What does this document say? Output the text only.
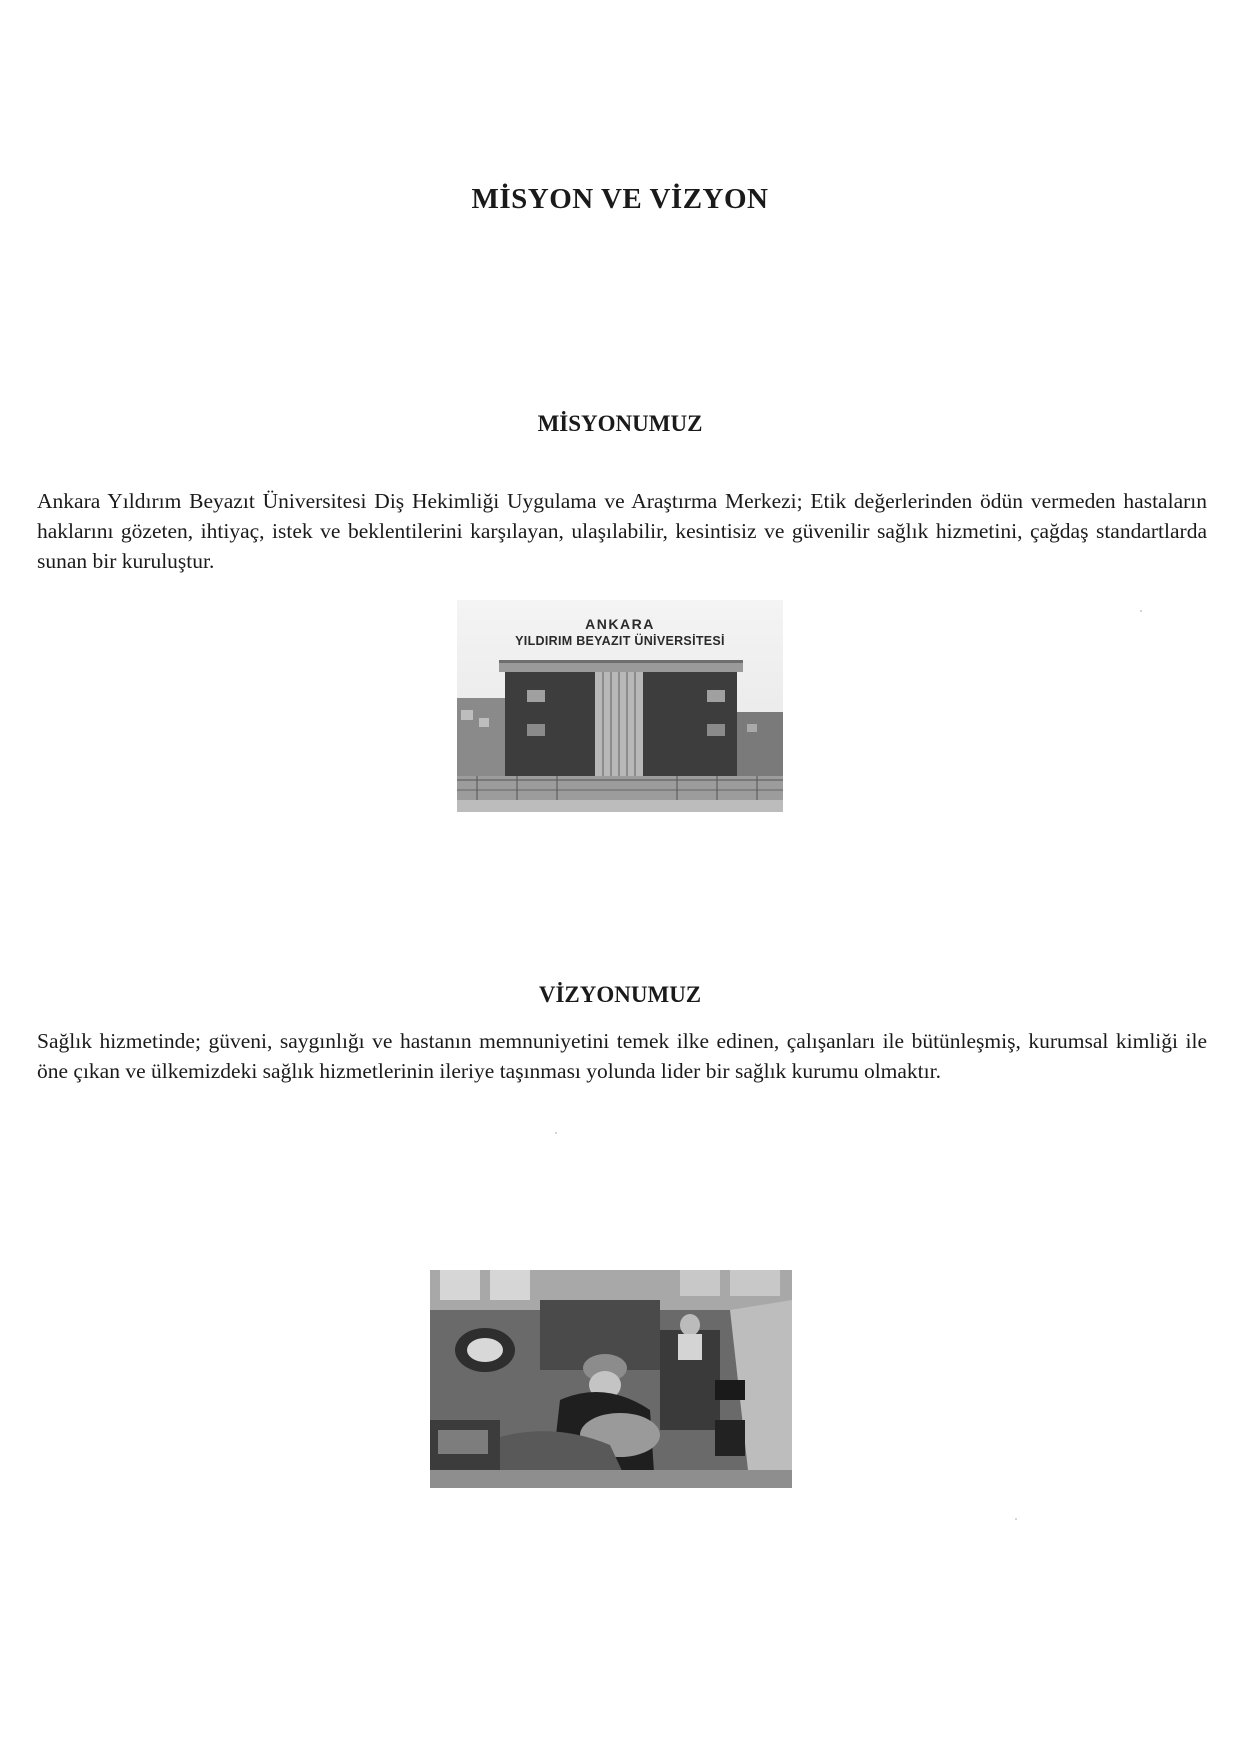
MİSYON VE VİZYON
MİSYONUMUZ

Ankara Yıldırım Beyazıt Üniversitesi Diş Hekimliği Uygulama ve Araştırma Merkezi; Etik değerlerinden ödün vermeden hastaların haklarını gözeten, ihtiyaç, istek ve beklentilerini karşılayan, ulaşılabilir, kesintisiz ve güvenilir sağlık hizmetini, çağdaş standartlarda sunan bir kuruluştur.

ANKARA
YILDIRIM BEYAZIT ÜNİVERSİTESİ
VİZYONUMUZ

Sağlık hizmetinde; güveni, saygınlığı ve hastanın memnuniyetini temek ilke edinen, çalışanları ile bütünleşmiş, kurumsal kimliği ile öne çıkan ve ülkemizdeki sağlık hizmetlerinin ileriye taşınması yolunda lider bir sağlık kurumu olmaktır.
